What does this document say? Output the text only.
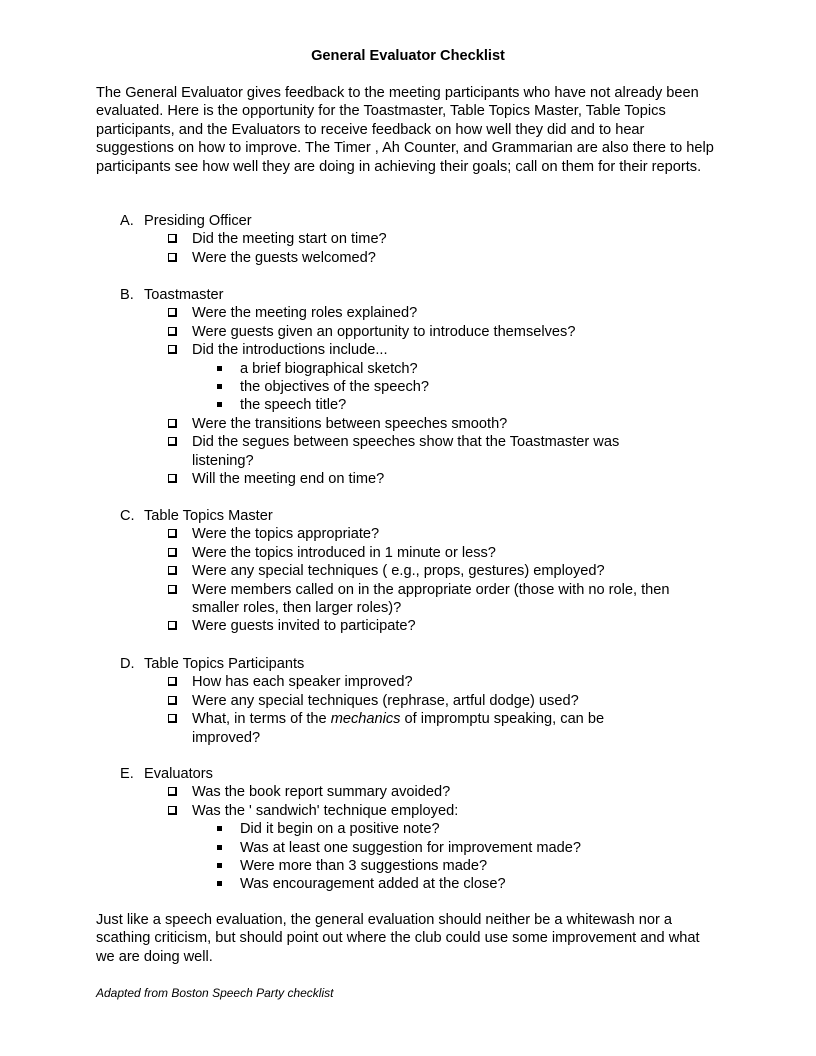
General Evaluator Checklist
The General Evaluator gives feedback to the meeting participants who have not already been evaluated. Here is the opportunity for the Toastmaster, Table Topics Master, Table Topics participants, and the Evaluators to receive feedback on how well they did and to hear suggestions on how to improve. The Timer , Ah Counter, and Grammarian are also there to help participants see how well they are doing in achieving their goals; call on them for their reports.
A. Presiding Officer
Did the meeting start on time?
Were the guests welcomed?
B. Toastmaster
Were the meeting roles explained?
Were guests given an opportunity to introduce themselves?
Did the introductions include...
a brief biographical sketch?
the objectives of the speech?
the speech title?
Were the transitions between speeches smooth?
Did the segues between speeches show that the Toastmaster was listening?
Will the meeting end on time?
C. Table Topics Master
Were the topics appropriate?
Were the topics introduced in 1 minute or less?
Were any special techniques ( e.g., props, gestures) employed?
Were members called on in the appropriate order (those with no role, then smaller roles, then larger roles)?
Were guests invited to participate?
D. Table Topics Participants
How has each speaker improved?
Were any special techniques (rephrase, artful dodge) used?
What, in terms of the mechanics of impromptu speaking, can be improved?
E. Evaluators
Was the book report summary avoided?
Was the ' sandwich' technique employed:
Did it begin on a positive note?
Was at least one suggestion for improvement made?
Were more than 3 suggestions made?
Was encouragement added at the close?
Just like a speech evaluation, the general evaluation should neither be a whitewash nor a scathing criticism, but should point out where the club could use some improvement and what we are doing well.
Adapted from Boston Speech Party checklist
